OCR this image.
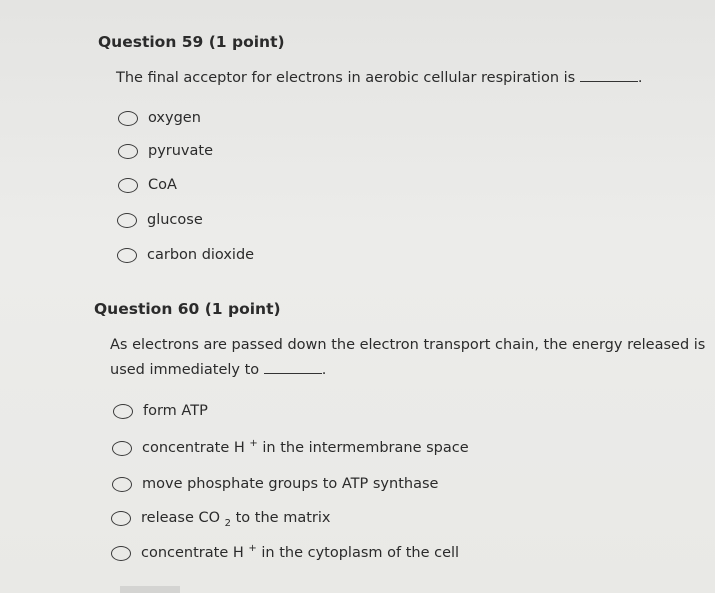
Question 59 (1 point)
The final acceptor for electrons in aerobic cellular respiration is	.
oxygen
pyruvate
CoA
glucose
carbon dioxide
Question 60 (1 point)
As electrons are passed down the electron transport chain, the energy released is
used immediately to	.
form ATP
concentrate H + in the intermembrane space
move phosphate groups to ATP synthase
release CO $_2$ to the matrix
concentrate H + in the cytoplasm of the cell
